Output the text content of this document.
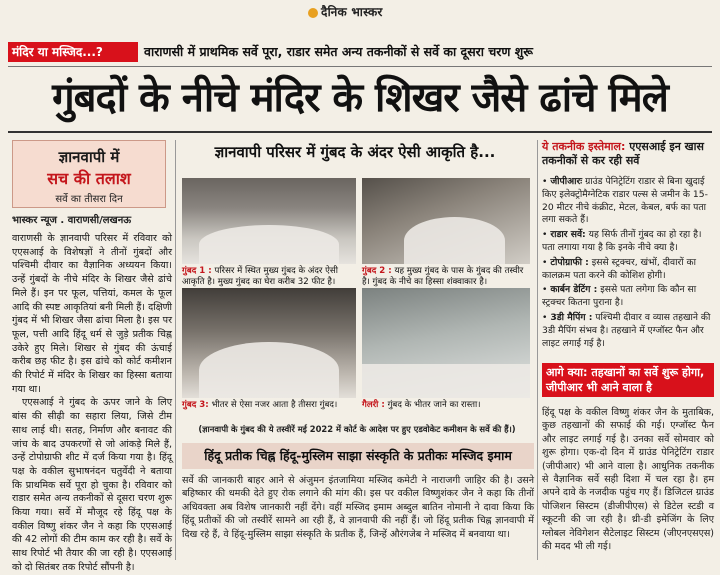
दैनिक भास्कर
मंदिर या मस्जिद...?	वाराणसी में प्राथमिक सर्वे पूरा, राडार समेत अन्य तकनीकों से सर्वे का दूसरा चरण शुरू
गुंबदों के नीचे मंदिर के शिखर जैसे ढांचे मिले
ज्ञानवापी में
सच की तलाश
सर्वे का तीसरा दिन
भास्कर न्यूज . वाराणसी/लखनऊ

वाराणसी के ज्ञानवापी परिसर में रविवार को एएसआई के विशेषज्ञों ने तीनों गुंबदों और पश्चिमी दीवार का वैज्ञानिक अध्ययन किया। उन्हें गुंबदों के नीचे मंदिर के शिखर जैसे ढांचे मिले हैं। इन पर फूल, पत्तियां, कमल के फूल आदि की स्पष्ट आकृतियां बनी मिली हैं। दक्षिणी गुंबद में भी शिखर जैसा ढांचा मिला है। इस पर फूल, पत्ती आदि हिंदू धर्म से जुड़े प्रतीक चिह्न उकेरे हुए मिले। शिखर से गुंबद की ऊंचाई करीब छह फीट है। इस ढांचे को कोर्ट कमीशन की रिपोर्ट में मंदिर के शिखर का हिस्सा बताया गया था।

एएसआई ने गुंबद के ऊपर जाने के लिए बांस की सीढ़ी का सहारा लिया, जिसे टीम साथ लाई थी। सतह, निर्माण और बनावट की जांच के बाद उपकरणों से जो आंकड़े मिले हैं, उन्हें टोपोग्राफी शीट में दर्ज किया गया है। हिंदू पक्ष के वकील सुभाषनंदन चतुर्वेदी ने बताया कि प्राथमिक सर्वे पूरा हो चुका है। रविवार को राडार समेत अन्य तकनीकों से दूसरा चरण शुरू किया गया। सर्वे में मौजूद रहे हिंदू पक्ष के वकील विष्णु शंकर जैन ने कहा कि एएसआई की 42 लोगों की टीम काम कर रही है। सर्वे के साथ रिपोर्ट भी तैयार की जा रही है। एएसआई को दो सितंबर तक रिपोर्ट सौंपनी है।

ज्ञानवापी परिसर में गुंबद के अंदर ऐसी आकृति है...
गुंबद 1 : परिसर में स्थित मुख्य गुंबद के अंदर ऐसी आकृति है। मुख्य गुंबद का घेरा करीब 32 फीट है।
गुंबद 2 : यह मुख्य गुंबद के पास के गुंबद की तस्वीर है। गुंबद के नीचे का हिस्सा शंक्वाकार है।
गुंबद 3: भीतर से ऐसा नजर आता है तीसरा गुंबद।	गैलरी : गुंबद के भीतर जाने का रास्ता।
(ज्ञानवापी के गुंबद की ये तस्वीरें मई 2022 में कोर्ट के आदेश पर हुए एडवोकेट कमीशन के सर्वे की हैं।)
हिंदू प्रतीक चिह्न हिंदू-मुस्लिम साझा संस्कृति के प्रतीकः मस्जिद इमाम
सर्वे की जानकारी बाहर आने से अंजुमन इंतजामिया मस्जिद कमेटी ने नाराजगी जाहिर की है। उसने बहिष्कार की धमकी देते हुए रोक लगाने की मांग की। इस पर वकील विष्णुशंकर जैन ने कहा कि तीनों अधिवक्ता अब विशेष जानकारी नहीं देंगे। वहीं मस्जिद इमाम अब्दुल बातिन नोमानी ने दावा किया कि हिंदू प्रतीकों की जो तस्वीरें सामने आ रही हैं, वे ज्ञानवापी की नहीं हैं। जो हिंदू प्रतीक चिह्न ज्ञानवापी में दिख रहे हैं, वे हिंदू-मुस्लिम साझा संस्कृति के प्रतीक हैं, जिन्हें औरंगजेब ने मस्जिद में बनवाया था।
ये तकनीक इस्तेमाल: एएसआई इन खास तकनीकों से कर रही सर्वे
• जीपीआरः ग्राउंड पेनिट्रेटिंग राडार से बिना खुदाई किए इलेक्ट्रोमैग्नेटिक राडार पल्स से जमीन के 15-20 मीटर नीचे कंक्रीट, मेटल, केबल, बर्फ का पता लगा सकते हैं।
• राडार सर्वे: यह सिर्फ तीनों गुंबद का हो रहा है। पता लगाया गया है कि इनके नीचे क्या है।
• टोपोग्राफी : इससे स्ट्रक्चर, खंभों, दीवारों का कालक्रम पता करने की कोशिश होगी।
• कार्बन डेटिंग : इससे पता लगेगा कि कौन सा स्ट्रक्चर कितना पुराना है।
• 3डी मैपिंग : पश्चिमी दीवार व व्यास तहखाने की 3डी मैपिंग संभव है। तहखाने में एग्जॉस्ट फैन और लाइट लगाई गई है।
आगे क्या: तहखानों का सर्वे शुरू होगा, जीपीआर भी आने वाला है
हिंदू पक्ष के वकील विष्णु शंकर जैन के मुताबिक, कुछ तहखानों की सफाई की गई। एग्जॉस्ट फैन और लाइट लगाई गई है। उनका सर्वे सोमवार को शुरू होगा। एक-दो दिन में ग्राउंड पेनिट्रेटिंग राडार (जीपीआर) भी आने वाला है। आधुनिक तकनीक से वैज्ञानिक सर्वे सही दिशा में चल रहा है। हम अपने दावे के नजदीक पहुंच गए हैं। डिजिटल ग्राउंड पोजिशन सिस्टम (डीजीपीएस) से डिटेल स्टडी व स्कूटनी की जा रही है। थ्री-डी इमेजिंग के लिए ग्लोबल नेविगेशन सैटेलाइट सिस्टम (जीएनएसएस) की मदद भी ली गई।
